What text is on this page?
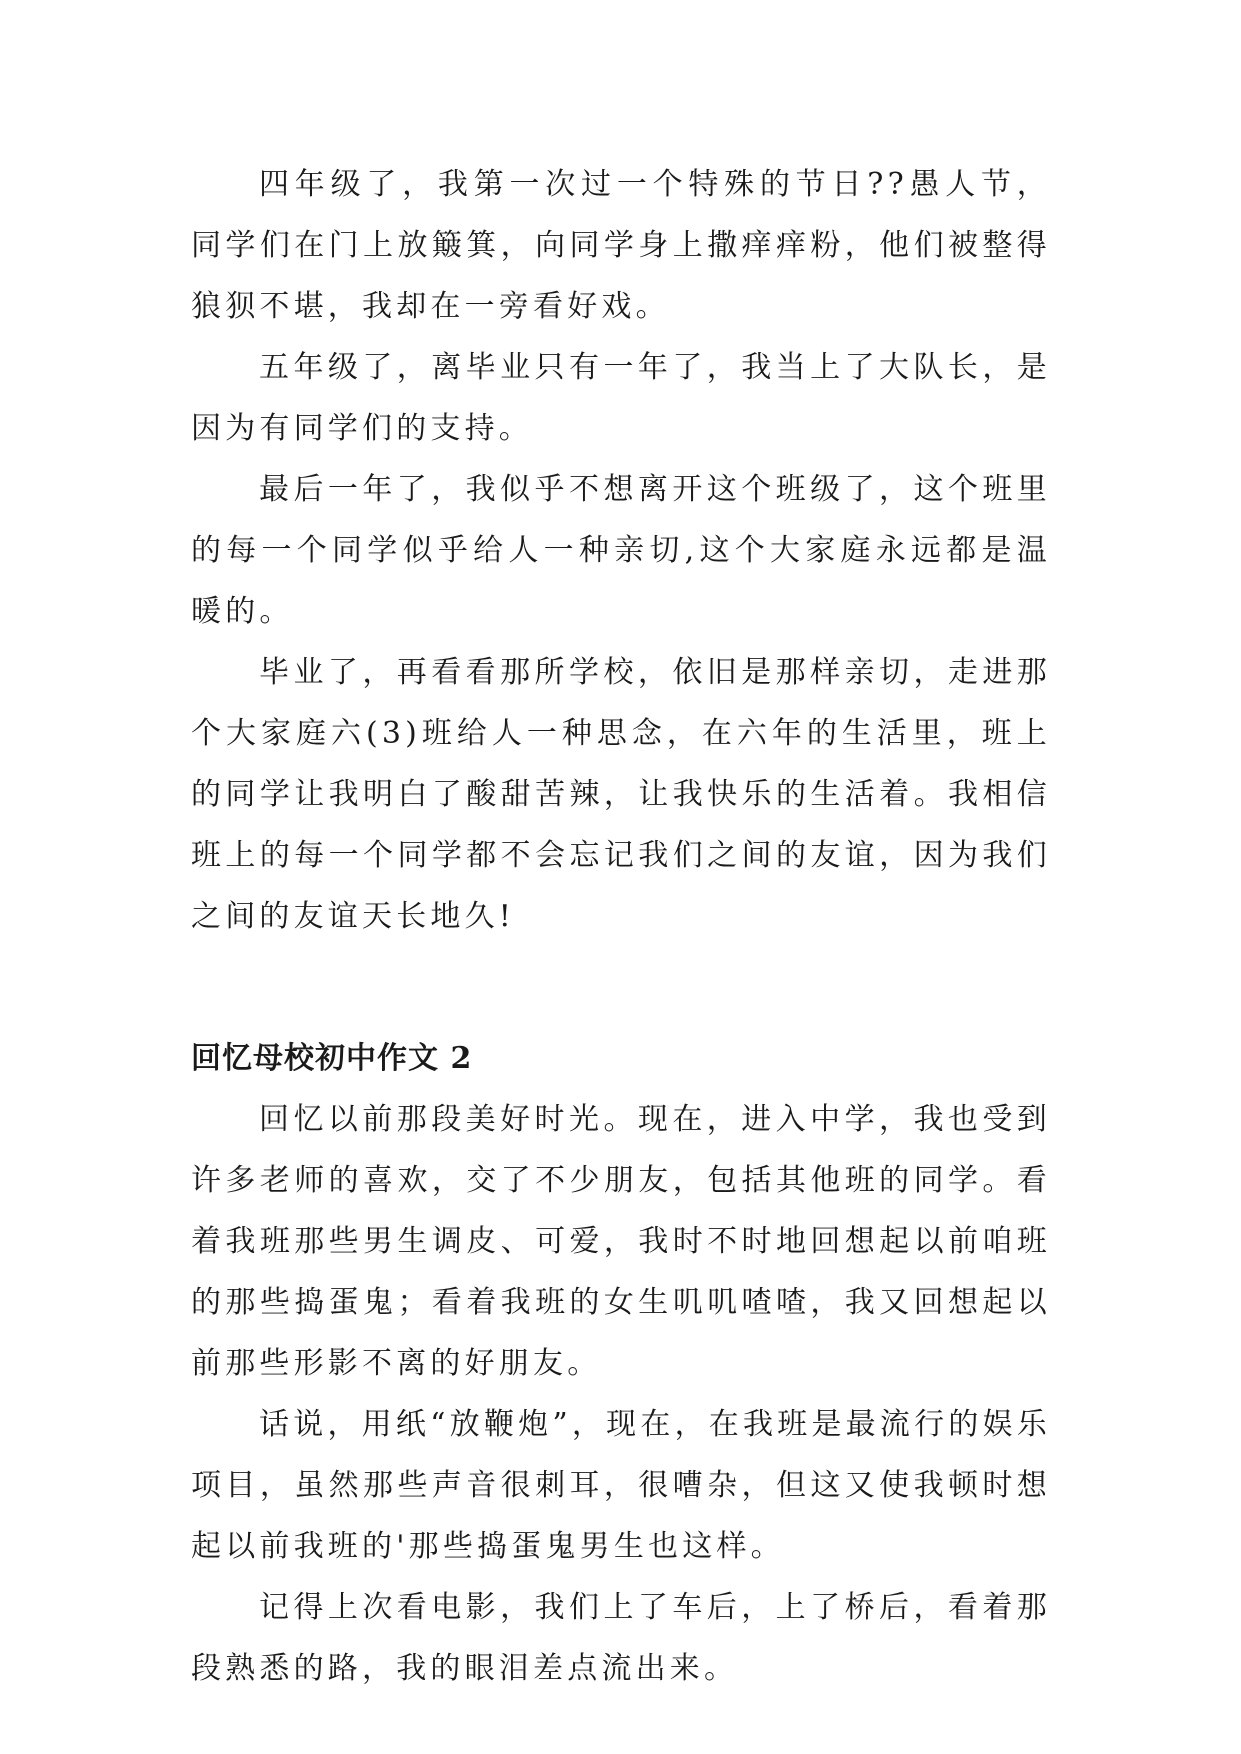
四年级了，我第一次过一个特殊的节日??愚人节，同学们在门上放簸箕，向同学身上撒痒痒粉，他们被整得狼狈不堪，我却在一旁看好戏。

五年级了，离毕业只有一年了，我当上了大队长，是因为有同学们的支持。

最后一年了，我似乎不想离开这个班级了，这个班里的每一个同学似乎给人一种亲切,这个大家庭永远都是温暖的。

毕业了，再看看那所学校，依旧是那样亲切，走进那个大家庭六(3)班给人一种思念，在六年的生活里，班上的同学让我明白了酸甜苦辣，让我快乐的生活着。我相信班上的每一个同学都不会忘记我们之间的友谊，因为我们之间的友谊天长地久!

回忆母校初中作文 2

回忆以前那段美好时光。现在，进入中学，我也受到许多老师的喜欢，交了不少朋友，包括其他班的同学。看着我班那些男生调皮、可爱，我时不时地回想起以前咱班的那些捣蛋鬼；看着我班的女生叽叽喳喳，我又回想起以前那些形影不离的好朋友。

话说，用纸“放鞭炮”，现在，在我班是最流行的娱乐项目，虽然那些声音很刺耳，很嘈杂，但这又使我顿时想起以前我班的'那些捣蛋鬼男生也这样。

记得上次看电影，我们上了车后，上了桥后，看着那段熟悉的路，我的眼泪差点流出来。
